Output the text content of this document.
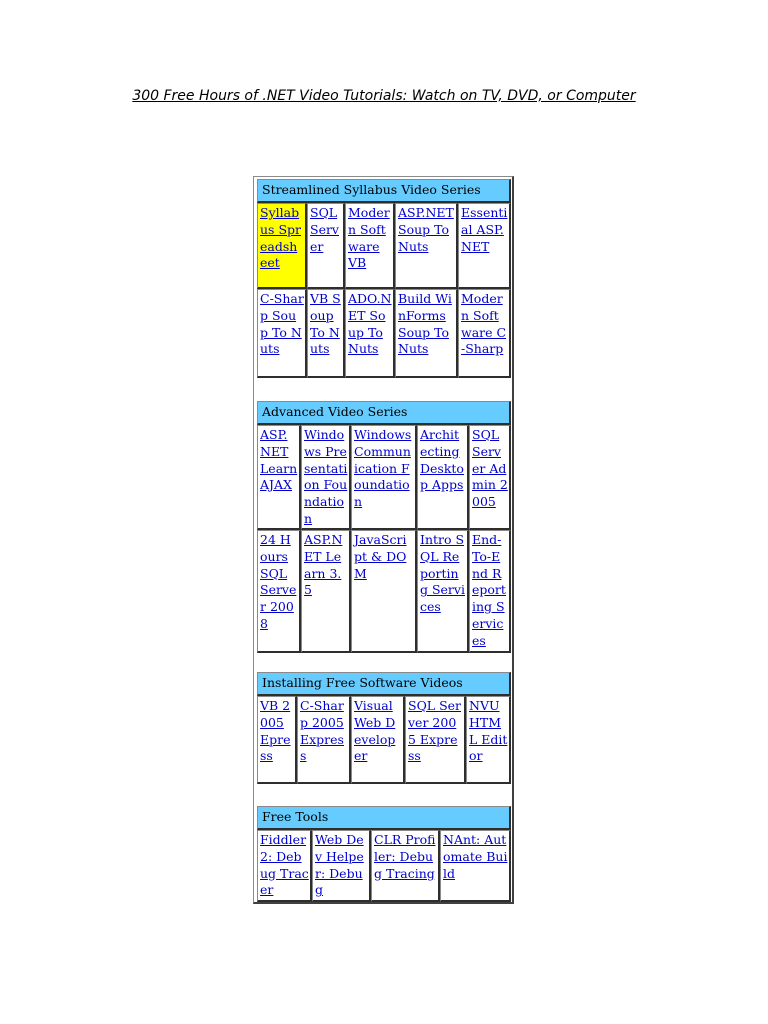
300 Free Hours of .NET Video Tutorials: Watch on TV, DVD, or Computer
Streamlined Syllabus Video Series
Syllabus Spreadsheet
SQL Server
Modern Software VB
ASP.NET Soup To Nuts
Essential ASP.NET
C-Sharp Soup To Nuts
VB Soup To Nuts
ADO.NET Soup To Nuts
Build WinForms Soup To Nuts
Modern Software C-Sharp
Advanced Video Series
ASP.NET Learn AJAX
Windows Presentation Foundation
Windows Communication Foundation
Architecting Desktop Apps
SQL Server Admin 2005
24 Hours SQL Server 2008
ASP.NET Learn 3.5
JavaScript & DOM
Intro SQL Reporting Services
End-To-End Reporting Services
Installing Free Software Videos
VB 2005 Epress
C-Sharp 2005 Express
Visual Web Developer
SQL Server 2005 Express
NVU HTML Editor
Free Tools
Fiddler 2: Debug Tracer
Web Dev Helper: Debug
CLR Profiler: Debug Tracing
NAnt: Automate Build
